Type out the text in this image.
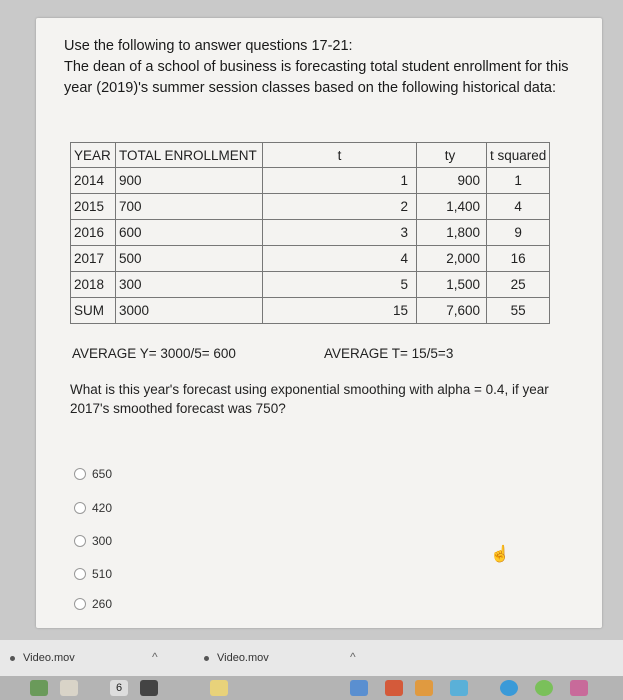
Use the following to answer questions 17-21:
The dean of a school of business is forecasting total student enrollment for this year (2019)'s summer session classes based on the following historical data:
YEAR	TOTAL ENROLLMENT	t	ty	t squared
2014	900	1	900	1
2015	700	2	1,400	4
2016	600	3	1,800	9
2017	500	4	2,000	16
2018	300	5	1,500	25
SUM	3000	15	7,600	55
AVERAGE Y= 3000/5= 600	AVERAGE T= 15/5=3
What is this year's forecast using exponential smoothing with alpha = 0.4, if year 2017's smoothed forecast was 750?
650
420
300
510
260
☝
Video.mov	^	Video.mov	^
6
